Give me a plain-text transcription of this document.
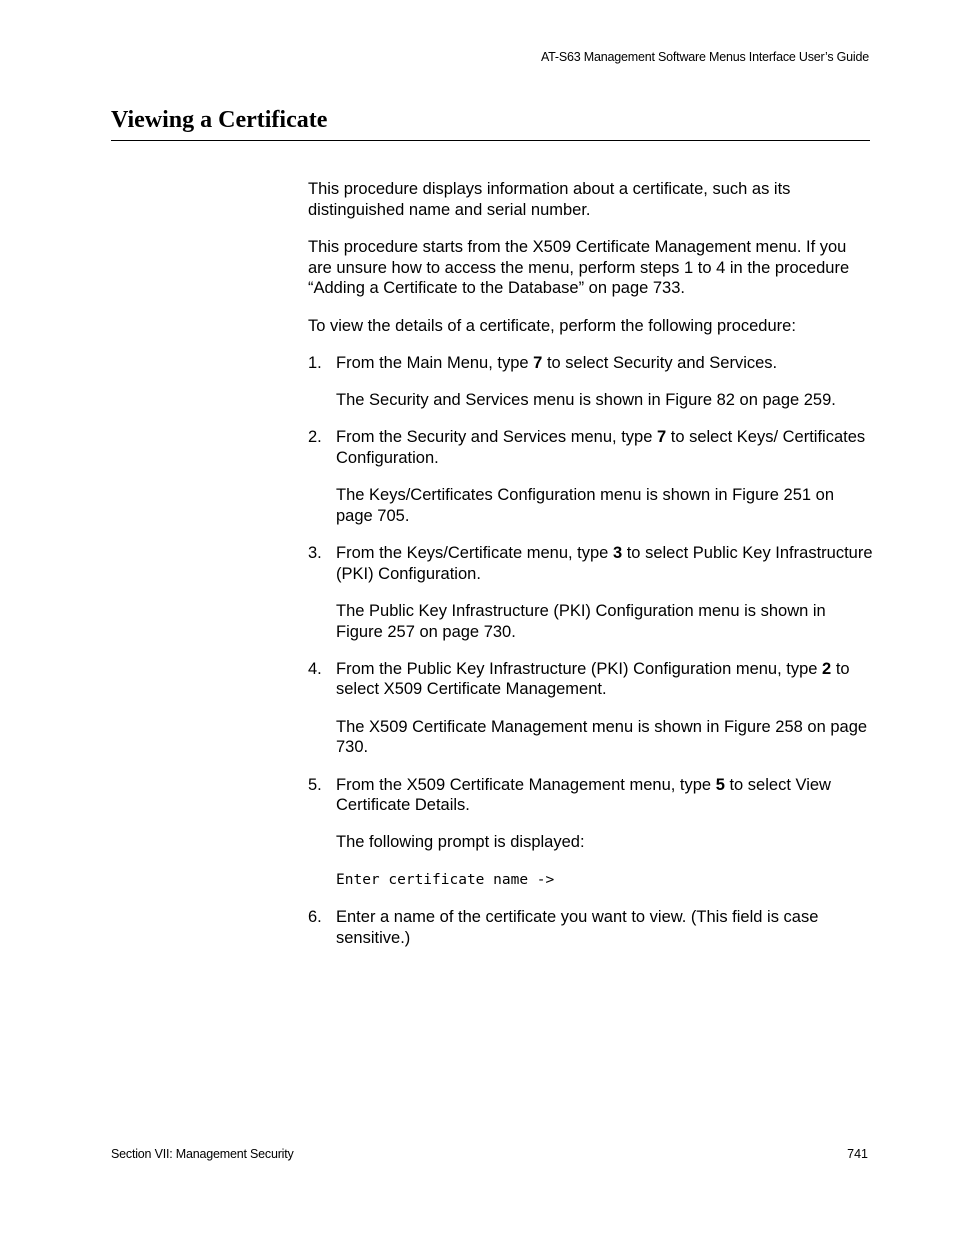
AT-S63 Management Software Menus Interface User’s Guide
Viewing a Certificate

This procedure displays information about a certificate, such as its distinguished name and serial number.

This procedure starts from the X509 Certificate Management menu. If you are unsure how to access the menu, perform steps 1 to 4 in the procedure “Adding a Certificate to the Database” on page 733.

To view the details of a certificate, perform the following procedure:

1. From the Main Menu, type 7 to select Security and Services.

The Security and Services menu is shown in Figure 82 on page 259.

2. From the Security and Services menu, type 7 to select Keys/ Certificates Configuration.

The Keys/Certificates Configuration menu is shown in Figure 251 on page 705.

3. From the Keys/Certificate menu, type 3 to select Public Key Infrastructure (PKI) Configuration.

The Public Key Infrastructure (PKI) Configuration menu is shown in Figure 257 on page 730.

4. From the Public Key Infrastructure (PKI) Configuration menu, type 2 to select X509 Certificate Management.

The X509 Certificate Management menu is shown in Figure 258 on page 730.

5. From the X509 Certificate Management menu, type 5 to select View Certificate Details.

The following prompt is displayed:

Enter certificate name ->
6. Enter a name of the certificate you want to view. (This field is case sensitive.)

Section VII: Management Security	741
